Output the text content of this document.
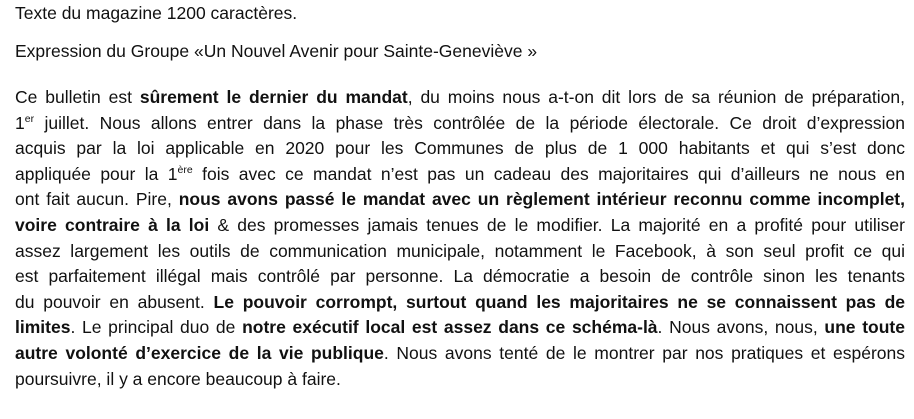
Texte du magazine 1200 caractères.
Expression du Groupe «Un Nouvel Avenir pour Sainte-Geneviève »
Ce bulletin est sûrement le dernier du mandat, du moins nous a-t-on dit lors de sa réunion de préparation,
1er juillet. Nous allons entrer dans la phase très contrôlée de la période électorale. Ce droit d’expression
acquis par la loi applicable en 2020 pour les Communes de plus de 1 000 habitants et qui s’est donc
appliquée pour la 1ère fois avec ce mandat n’est pas un cadeau des majoritaires qui d’ailleurs ne nous en
ont fait aucun. Pire, nous avons passé le mandat avec un règlement intérieur reconnu comme incomplet,
voire contraire à la loi & des promesses jamais tenues de le modifier. La majorité en a profité pour utiliser
assez largement les outils de communication municipale, notamment le Facebook, à son seul profit ce qui
est parfaitement illégal mais contrôlé par personne. La démocratie a besoin de contrôle sinon les tenants
du pouvoir en abusent. Le pouvoir corrompt, surtout quand les majoritaires ne se connaissent pas de
limites. Le principal duo de notre exécutif local est assez dans ce schéma-là. Nous avons, nous, une toute
autre volonté d’exercice de la vie publique. Nous avons tenté de le montrer par nos pratiques et espérons
poursuivre, il y a encore beaucoup à faire.
